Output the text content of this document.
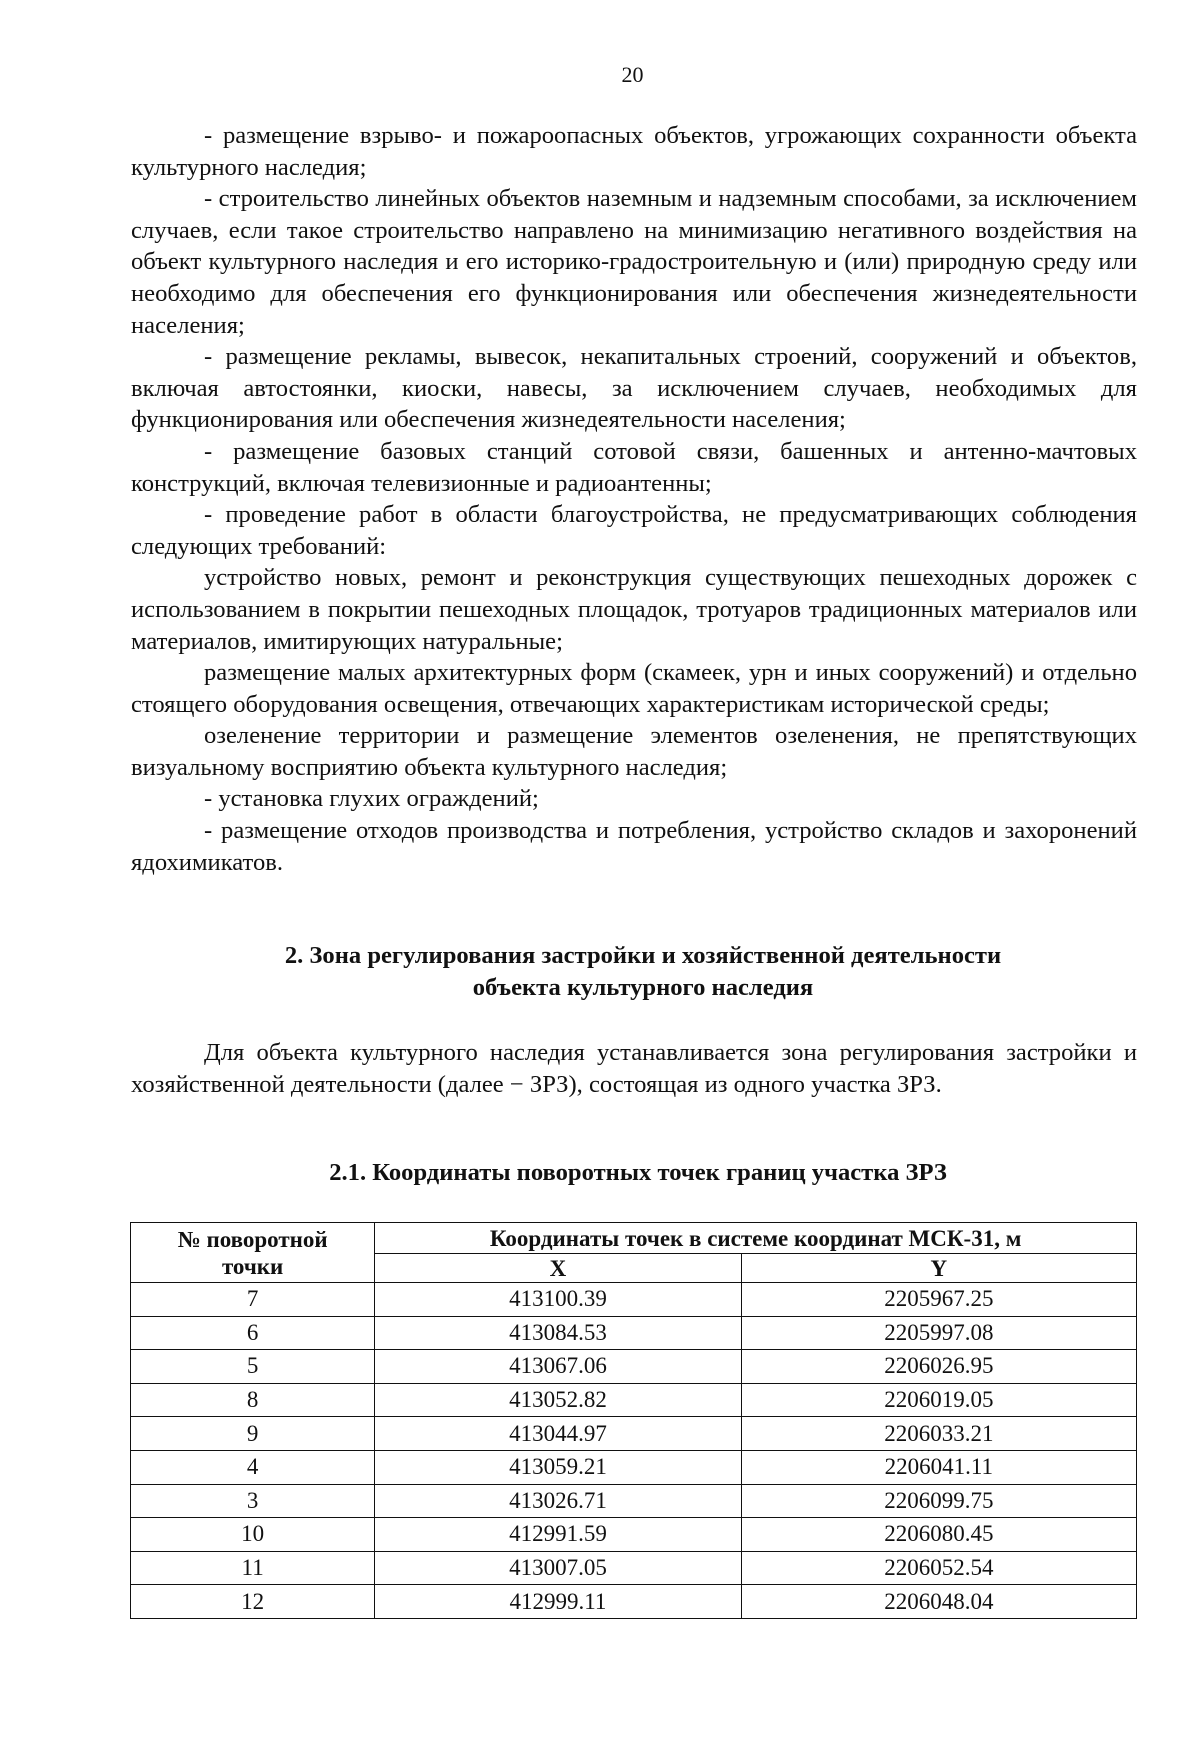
20

- размещение взрыво- и пожароопасных объектов, угрожающих сохранности объекта культурного наследия;

- строительство линейных объектов наземным и надземным способами, за исключением случаев, если такое строительство направлено на минимизацию негативного воздействия на объект культурного наследия и его историко-градостроительную и (или) природную среду или необходимо для обеспечения его функционирования или обеспечения жизнедеятельности населения;

- размещение рекламы, вывесок, некапитальных строений, сооружений и объектов, включая автостоянки, киоски, навесы, за исключением случаев, необходимых для функционирования или обеспечения жизнедеятельности населения;

- размещение базовых станций сотовой связи, башенных и антенно-мачтовых конструкций, включая телевизионные и радиоантенны;

- проведение работ в области благоустройства, не предусматривающих соблюдения следующих требований:

устройство новых, ремонт и реконструкция существующих пешеходных дорожек с использованием в покрытии пешеходных площадок, тротуаров традиционных материалов или материалов, имитирующих натуральные;

размещение малых архитектурных форм (скамеек, урн и иных сооружений) и отдельно стоящего оборудования освещения, отвечающих характеристикам исторической среды;

озеленение территории и размещение элементов озеленения, не препятствующих визуальному восприятию объекта культурного наследия;

- установка глухих ограждений;

- размещение отходов производства и потребления, устройство складов и захоронений ядохимикатов.

2. Зона регулирования застройки и хозяйственной деятельности
объекта культурного наследия

Для объекта культурного наследия устанавливается зона регулирования застройки и хозяйственной деятельности (далее − ЗРЗ), состоящая из одного участка ЗРЗ.

2.1. Координаты поворотных точек границ участка ЗРЗ
№ поворотной
точки	Координаты точек в системе координат МСК-31, м	
	X	Y
7	413100.39	2205967.25
6	413084.53	2205997.08
5	413067.06	2206026.95
8	413052.82	2206019.05
9	413044.97	2206033.21
4	413059.21	2206041.11
3	413026.71	2206099.75
10	412991.59	2206080.45
11	413007.05	2206052.54
12	412999.11	2206048.04
